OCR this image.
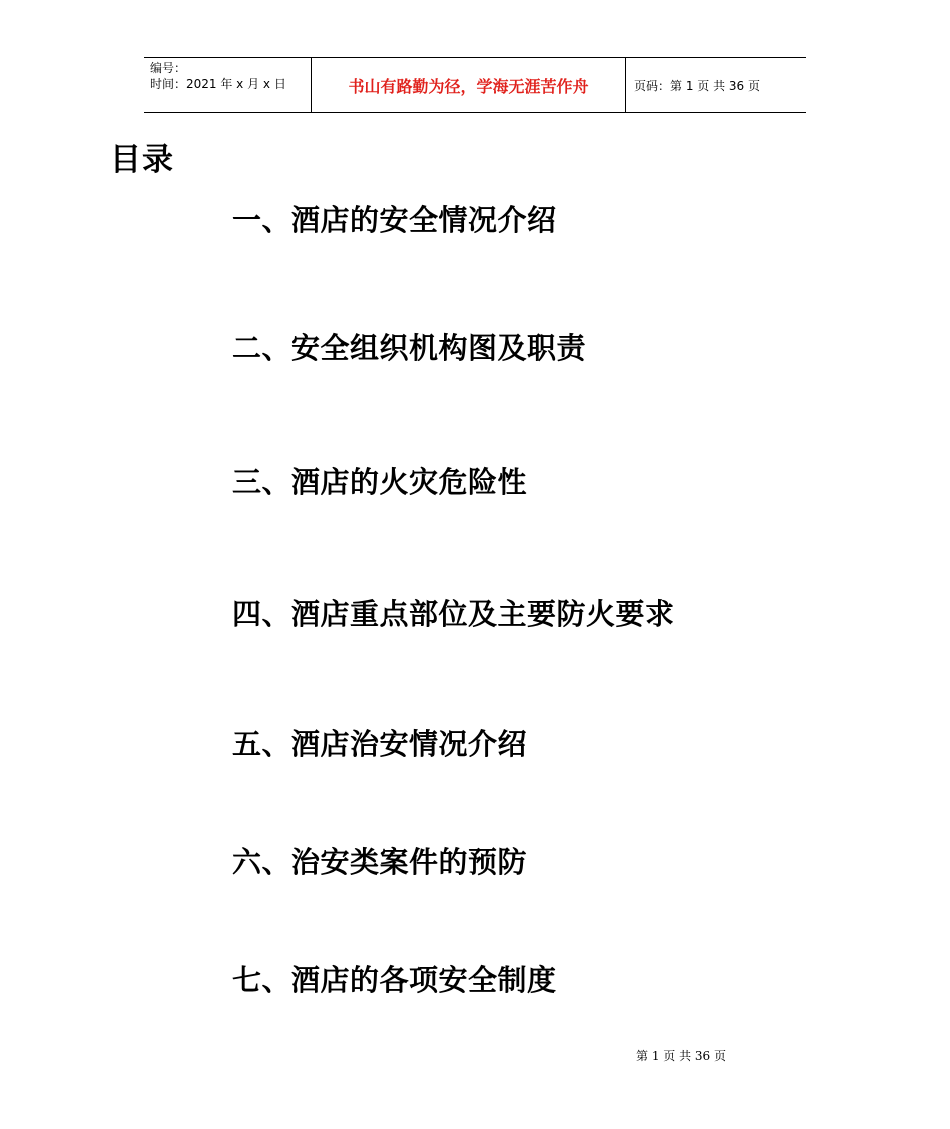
编号：
时间：2021 年 x 月 x 日	书山有路勤为径，学海无涯苦作舟	页码：第 1 页 共 36 页
目录
一、酒店的安全情况介绍
二、安全组织机构图及职责
三、酒店的火灾危险性
四、酒店重点部位及主要防火要求
五、酒店治安情况介绍
六、治安类案件的预防
七、酒店的各项安全制度
第 1 页 共 36 页
